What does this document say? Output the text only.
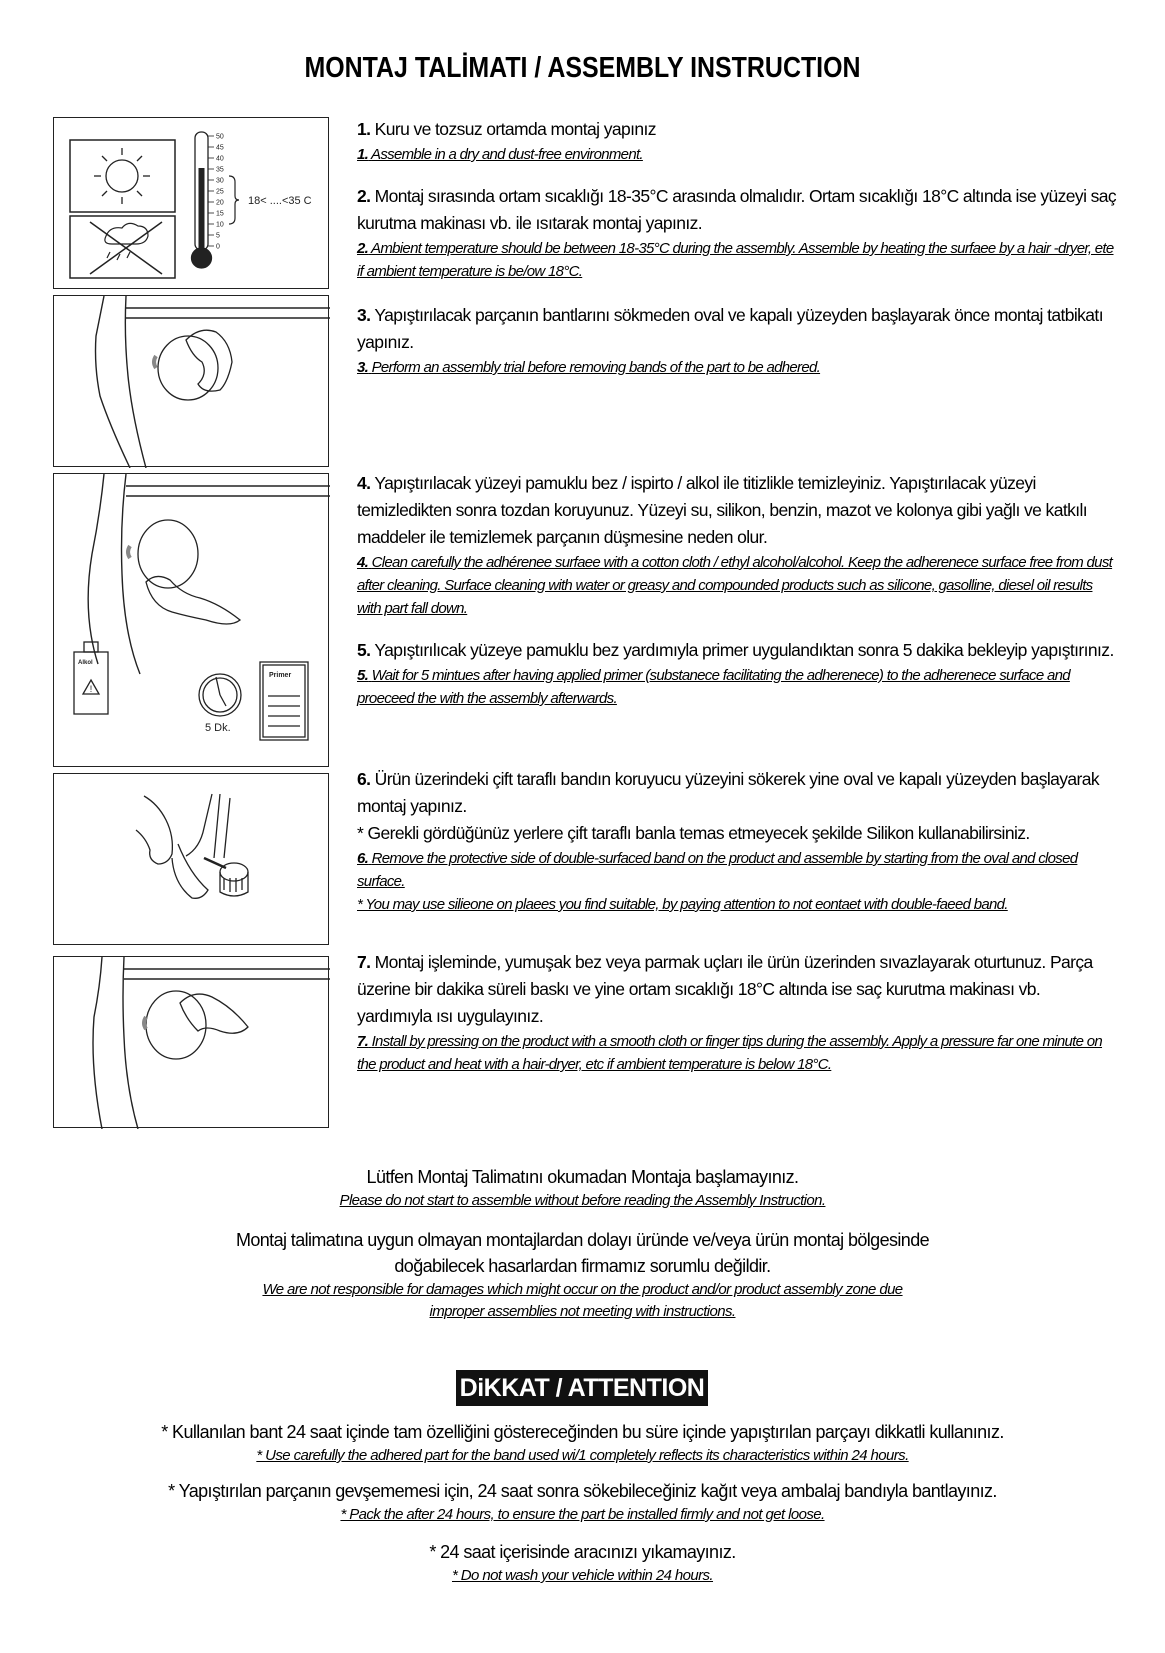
MONTAJ TALİMATI / ASSEMBLY INSTRUCTION
50
45
40
35
30
25
20
15
10
5
0
18< ....<35 C
!
Alkol
5 Dk.
Primer
1. Kuru ve tozsuz ortamda montaj yapınız
1. Assemble in a dry and dust-free environment.
2. Montaj sırasında ortam sıcaklığı 18-35°C arasında olmalıdır. Ortam sıcaklığı 18°C altında ise yüzeyi saç kurutma makinası vb. ile ısıtarak montaj yapınız.
2. Ambient temperature should be between 18-35°C during the assembly. Assemble by heating the surfaee by a hair -dryer, ete if ambient temperature is be/ow 18°C.
3. Yapıştırılacak parçanın bantlarını sökmeden oval ve kapalı yüzeyden başlayarak önce montaj tatbikatı yapınız.
3. Perform an assembly trial before removing bands of the part to be adhered.
4. Yapıştırılacak yüzeyi pamuklu bez / ispirto / alkol ile titizlikle temizleyiniz. Yapıştırılacak yüzeyi temizledikten sonra tozdan koruyunuz. Yüzeyi su, silikon, benzin, mazot ve kolonya gibi yağlı ve katkılı maddeler ile temizlemek parçanın düşmesine neden olur.
4. Clean carefully the adhérenee surfaee with a cotton cloth / ethyl alcohol/alcohol. Keep the adherenece surface free from dust after cleaning. Surface cleaning with water or greasy and compounded products such as silicone, gasolline, diesel oil results with part fall down.
5. Yapıştırılıcak yüzeye pamuklu bez yardımıyla primer uygulandıktan sonra 5 dakika bekleyip yapıştırınız.
5. Wait for 5 mintues after having applied primer (substanece facilitating the adherenece) to the adherenece surface and proeceed the with the assembly afterwards.
6. Ürün üzerindeki çift taraflı bandın koruyucu yüzeyini sökerek yine oval ve kapalı yüzeyden başlayarak montaj yapınız.
* Gerekli gördüğünüz yerlere çift taraflı banla temas etmeyecek şekilde Silikon kullanabilirsiniz.
6. Remove the protective side of double-surfaced band on the product and assemble by starting from the oval and closed surface.
* You may use silieone on plaees you find suitable, by paying attention to not eontaet with double-faeed band.
7. Montaj işleminde, yumuşak bez veya parmak uçları ile ürün üzerinden sıvazlayarak oturtunuz. Parça üzerine bir dakika süreli baskı ve yine ortam sıcaklığı 18°C altında ise saç kurutma makinası vb. yardımıyla ısı uygulayınız.
7. Install by pressing on the product with a smooth cloth or finger tips during the assembly. Apply a pressure far one minute on the product and heat with a hair-dryer, etc if ambient temperature is below 18°C.
Lütfen Montaj Talimatını okumadan Montaja başlamayınız.
Please do not start to assemble without before reading the Assembly Instruction.
Montaj talimatına uygun olmayan montajlardan dolayı üründe ve/veya ürün montaj bölgesinde doğabilecek hasarlardan firmamız sorumlu değildir.
We are not responsible for damages which might occur on the product and/or product assembly zone due improper assemblies not meeting with instructions.
DiKKAT / ATTENTION
* Kullanılan bant 24 saat içinde tam özelliğini göstereceğinden bu süre içinde yapıştırılan parçayı dikkatli kullanınız.
* Use carefully the adhered part for the band used wi/1 completely reflects its characteristics within 24 hours.
* Yapıştırılan parçanın gevşememesi için, 24 saat sonra sökebileceğiniz kağıt veya ambalaj bandıyla bantlayınız.
* Pack the after 24 hours, to ensure the part be installed firmly and not get loose.
* 24 saat içerisinde aracınızı yıkamayınız.
* Do not wash your vehicle within 24 hours.
